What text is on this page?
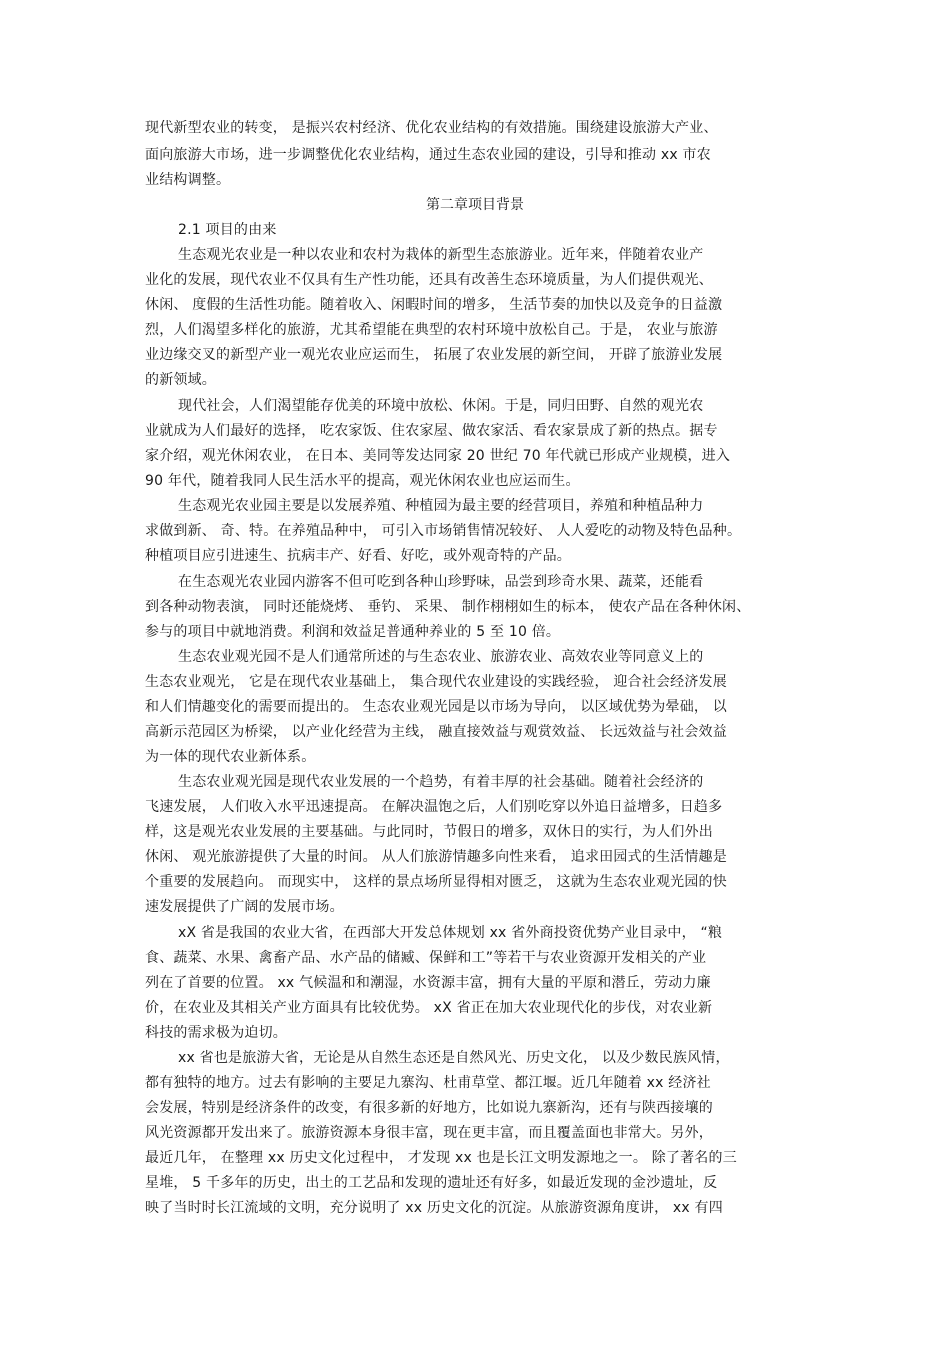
现代新型农业的转变， 是振兴农村经济、优化农业结构的有效措施。围绕建设旅游大产业、
面向旅游大市场，进一步调整优化农业结构，通过生态农业园的建设，引导和推动 xx 市农
业结构调整。
第二章项目背景
2.1 项目的由来
生态观光农业是一种以农业和农村为栽体的新型生态旅游业。近年来，伴随着农业产
业化的发展，现代农业不仅具有生产性功能，还具有改善生态环境质量，为人们提供观光、
休闲、 度假的生活性功能。随着收入、闲暇时间的增多， 生活节奏的加快以及竞争的日益激
烈，人们渴望多样化的旅游，尤其希望能在典型的农村环境中放松自己。于是， 农业与旅游
业边缘交叉的新型产业一观光农业应运而生， 拓展了农业发展的新空间， 开辟了旅游业发展
的新领域。
现代社会，人们渴望能存优美的环境中放松、休闲。于是，同归田野、自然的观光农
业就成为人们最好的选择， 吃农家饭、住农家屋、做农家活、看农家景成了新的热点。据专
家介绍，观光休闲农业， 在日本、美同等发达同家 20 世纪 70 年代就已形成产业规模，进入
90 年代，随着我同人民生活水平的提高，观光休闲农业也应运而生。
生态观光农业园主要是以发展养殖、种植园为最主要的经营项目，养殖和种植品种力
求做到新、 奇、特。在养殖品种中， 可引入市场销售情况较好、 人人爱吃的动物及特色品种。
种植项目应引进速生、抗病丰产、好看、好吃，或外观奇特的产品。
在生态观光农业园内游客不但可吃到各种山珍野味，品尝到珍奇水果、蔬菜，还能看
到各种动物表演， 同时还能烧烤、 垂钓、 采果、 制作栩栩如生的标本， 使农产品在各种休闲、
参与的项目中就地消费。利润和效益足普通种养业的 5 至 10 倍。
生态农业观光园不是人们通常所述的与生态农业、旅游农业、高效农业等同意义上的
生态农业观光， 它是在现代农业基础上， 集合现代农业建设的实践经验， 迎合社会经济发展
和人们情趣变化的需要而提出的。 生态农业观光园是以市场为导向， 以区域优势为晕础， 以
高新示范园区为桥梁， 以产业化经营为主线， 融直接效益与观赏效益、 长远效益与社会效益
为一体的现代农业新体系。
生态农业观光园是现代农业发展的一个趋势，有着丰厚的社会基础。随着社会经济的
飞速发展， 人们收入水平迅速提高。 在解决温饱之后，人们别吃穿以外追日益增多，日趋多
样，这是观光农业发展的主要基础。与此同时，节假日的增多，双休日的实行，为人们外出
休闲、 观光旅游提供了大量的时间。 从人们旅游情趣多向性来看， 追求田园式的生活情趣是
个重要的发展趋向。 而现实中， 这样的景点场所显得相对匮乏， 这就为生态农业观光园的快
速发展提供了广阔的发展市场。
xX 省是我国的农业大省，在西部大开发总体规划 xx 省外商投资优势产业目录中， “粮
食、蔬菜、水果、禽畜产品、水产品的储臧、保鲜和工”等若干与农业资源开发相关的产业
列在了首要的位置。 xx 气候温和和潮湿，水资源丰富，拥有大量的平原和潜丘，劳动力廉
价，在农业及其相关产业方面具有比较优势。 xX 省正在加大农业现代化的步伐，对农业新
科技的需求极为迫切。
xx 省也是旅游大省，无论是从自然生态还是自然风光、历史文化， 以及少数民族风情，
都有独特的地方。过去有影响的主要足九寨沟、杜甫草堂、都江堰。近几年随着 xx 经济社
会发展，特别是经济条件的改变，有很多新的好地方，比如说九寨新沟，还有与陕西接壤的
风光资源都开发出来了。旅游资源本身很丰富，现在更丰富，而且覆盖面也非常大。另外，
最近几年， 在整理 xx 历史文化过程中， 才发现 xx 也是长江文明发源地之一。 除了著名的三
星堆， 5 千多年的历史，出土的工艺品和发现的遗址还有好多，如最近发现的金沙遗址，反
映了当时时长江流域的文明，充分说明了 xx 历史文化的沉淀。从旅游资源角度讲， xx 有四
